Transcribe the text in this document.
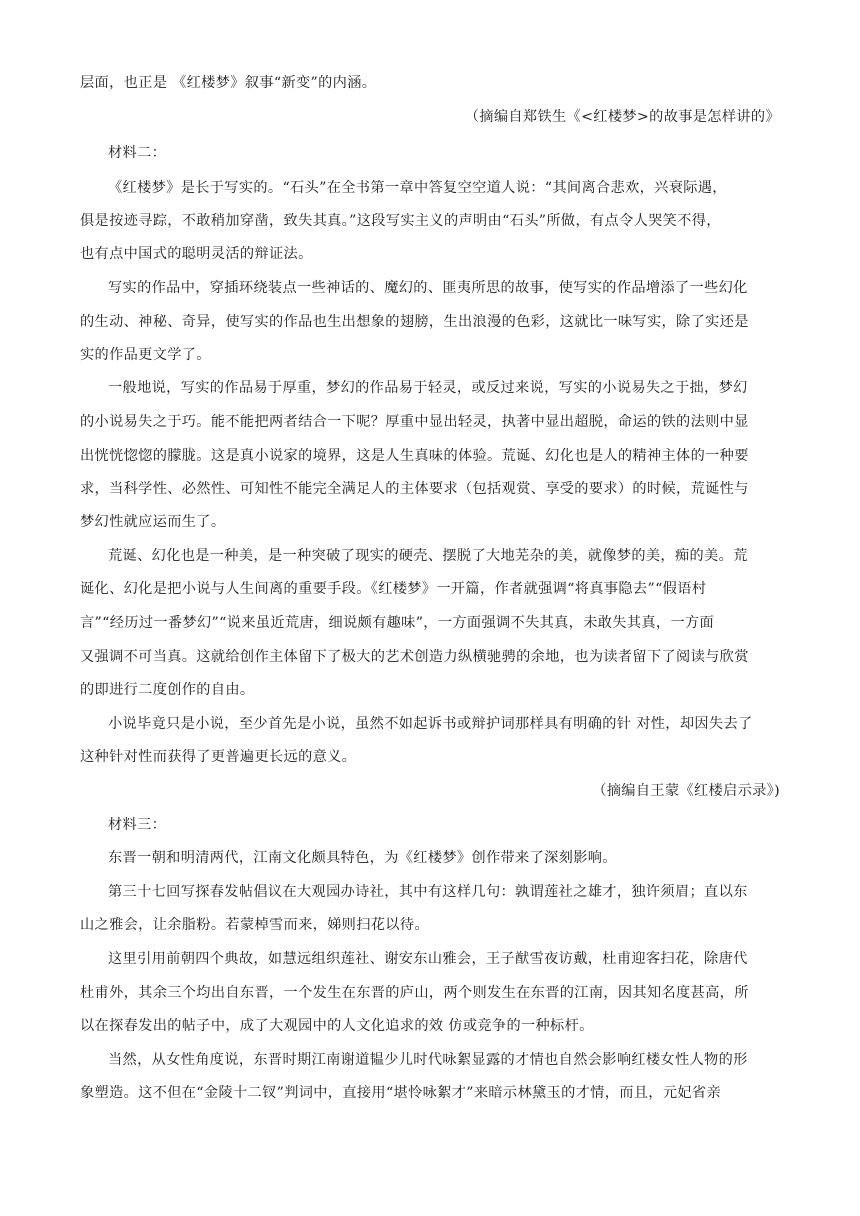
层面，也正是 《红楼梦》叙事“新变”的内涵。
（摘编自郑铁生《<红楼梦>的故事是怎样讲的》
材料二：
《红楼梦》是长于写实的。“石头”在全书第一章中答复空空道人说：“其间离合悲欢，兴衰际遇，
俱是按迹寻踪，不敢稍加穿凿，致失其真。”这段写实主义的声明由“石头”所做，有点令人哭笑不得，
也有点中国式的聪明灵活的辩证法。
写实的作品中，穿插环绕装点一些神话的、魔幻的、匪夷所思的故事，使写实的作品增添了一些幻化
的生动、神秘、奇异，使写实的作品也生出想象的翅膀，生出浪漫的色彩，这就比一味写实，除了实还是
实的作品更文学了。
一般地说，写实的作品易于厚重，梦幻的作品易于轻灵，或反过来说，写实的小说易失之于拙，梦幻
的小说易失之于巧。能不能把两者结合一下呢？厚重中显出轻灵，执著中显出超脱，命运的铁的法则中显
出恍恍惚惚的朦胧。这是真小说家的境界，这是人生真味的体验。荒诞、幻化也是人的精神主体的一种要
求，当科学性、必然性、可知性不能完全满足人的主体要求（包括观赏、享受的要求）的时候，荒诞性与
梦幻性就应运而生了。
荒诞、幻化也是一种美，是一种突破了现实的硬壳、摆脱了大地芜杂的美，就像梦的美，痴的美。荒
诞化、幻化是把小说与人生间离的重要手段。《红楼梦》一开篇，作者就强调“将真事隐去”“假语村
言”“经历过一番梦幻”“说来虽近荒唐，细说颇有趣味”，一方面强调不失其真，未敢失其真，一方面
又强调不可当真。这就给创作主体留下了极大的艺术创造力纵横驰骋的余地，也为读者留下了阅读与欣赏
的即进行二度创作的自由。
小说毕竟只是小说，至少首先是小说，虽然不如起诉书或辩护词那样具有明确的针 对性，却因失去了
这种针对性而获得了更普遍更长远的意义。
（摘编自王蒙《红楼启示录》)
材料三：
东晋一朝和明清两代，江南文化颇具特色，为《红楼梦》创作带来了深刻影响。
第三十七回写探春发帖倡议在大观园办诗社，其中有这样几句：孰谓莲社之雄才，独许须眉；直以东
山之雅会，让余脂粉。若蒙棹雪而来，娣则扫花以待。
这里引用前朝四个典故，如慧远组织莲社、谢安东山雅会，王子猷雪夜访戴，杜甫迎客扫花，除唐代
杜甫外，其余三个均出自东晋，一个发生在东晋的庐山，两个则发生在东晋的江南，因其知名度甚高，所
以在探春发出的帖子中，成了大观园中的人文化追求的效 仿或竞争的一种标杆。
当然，从女性角度说，东晋时期江南谢道韫少儿时代咏絮显露的才情也自然会影响红楼女性人物的形
象塑造。这不但在“金陵十二钗”判词中，直接用“堪怜咏絮才”来暗示林黛玉的才情，而且，元妃省亲
